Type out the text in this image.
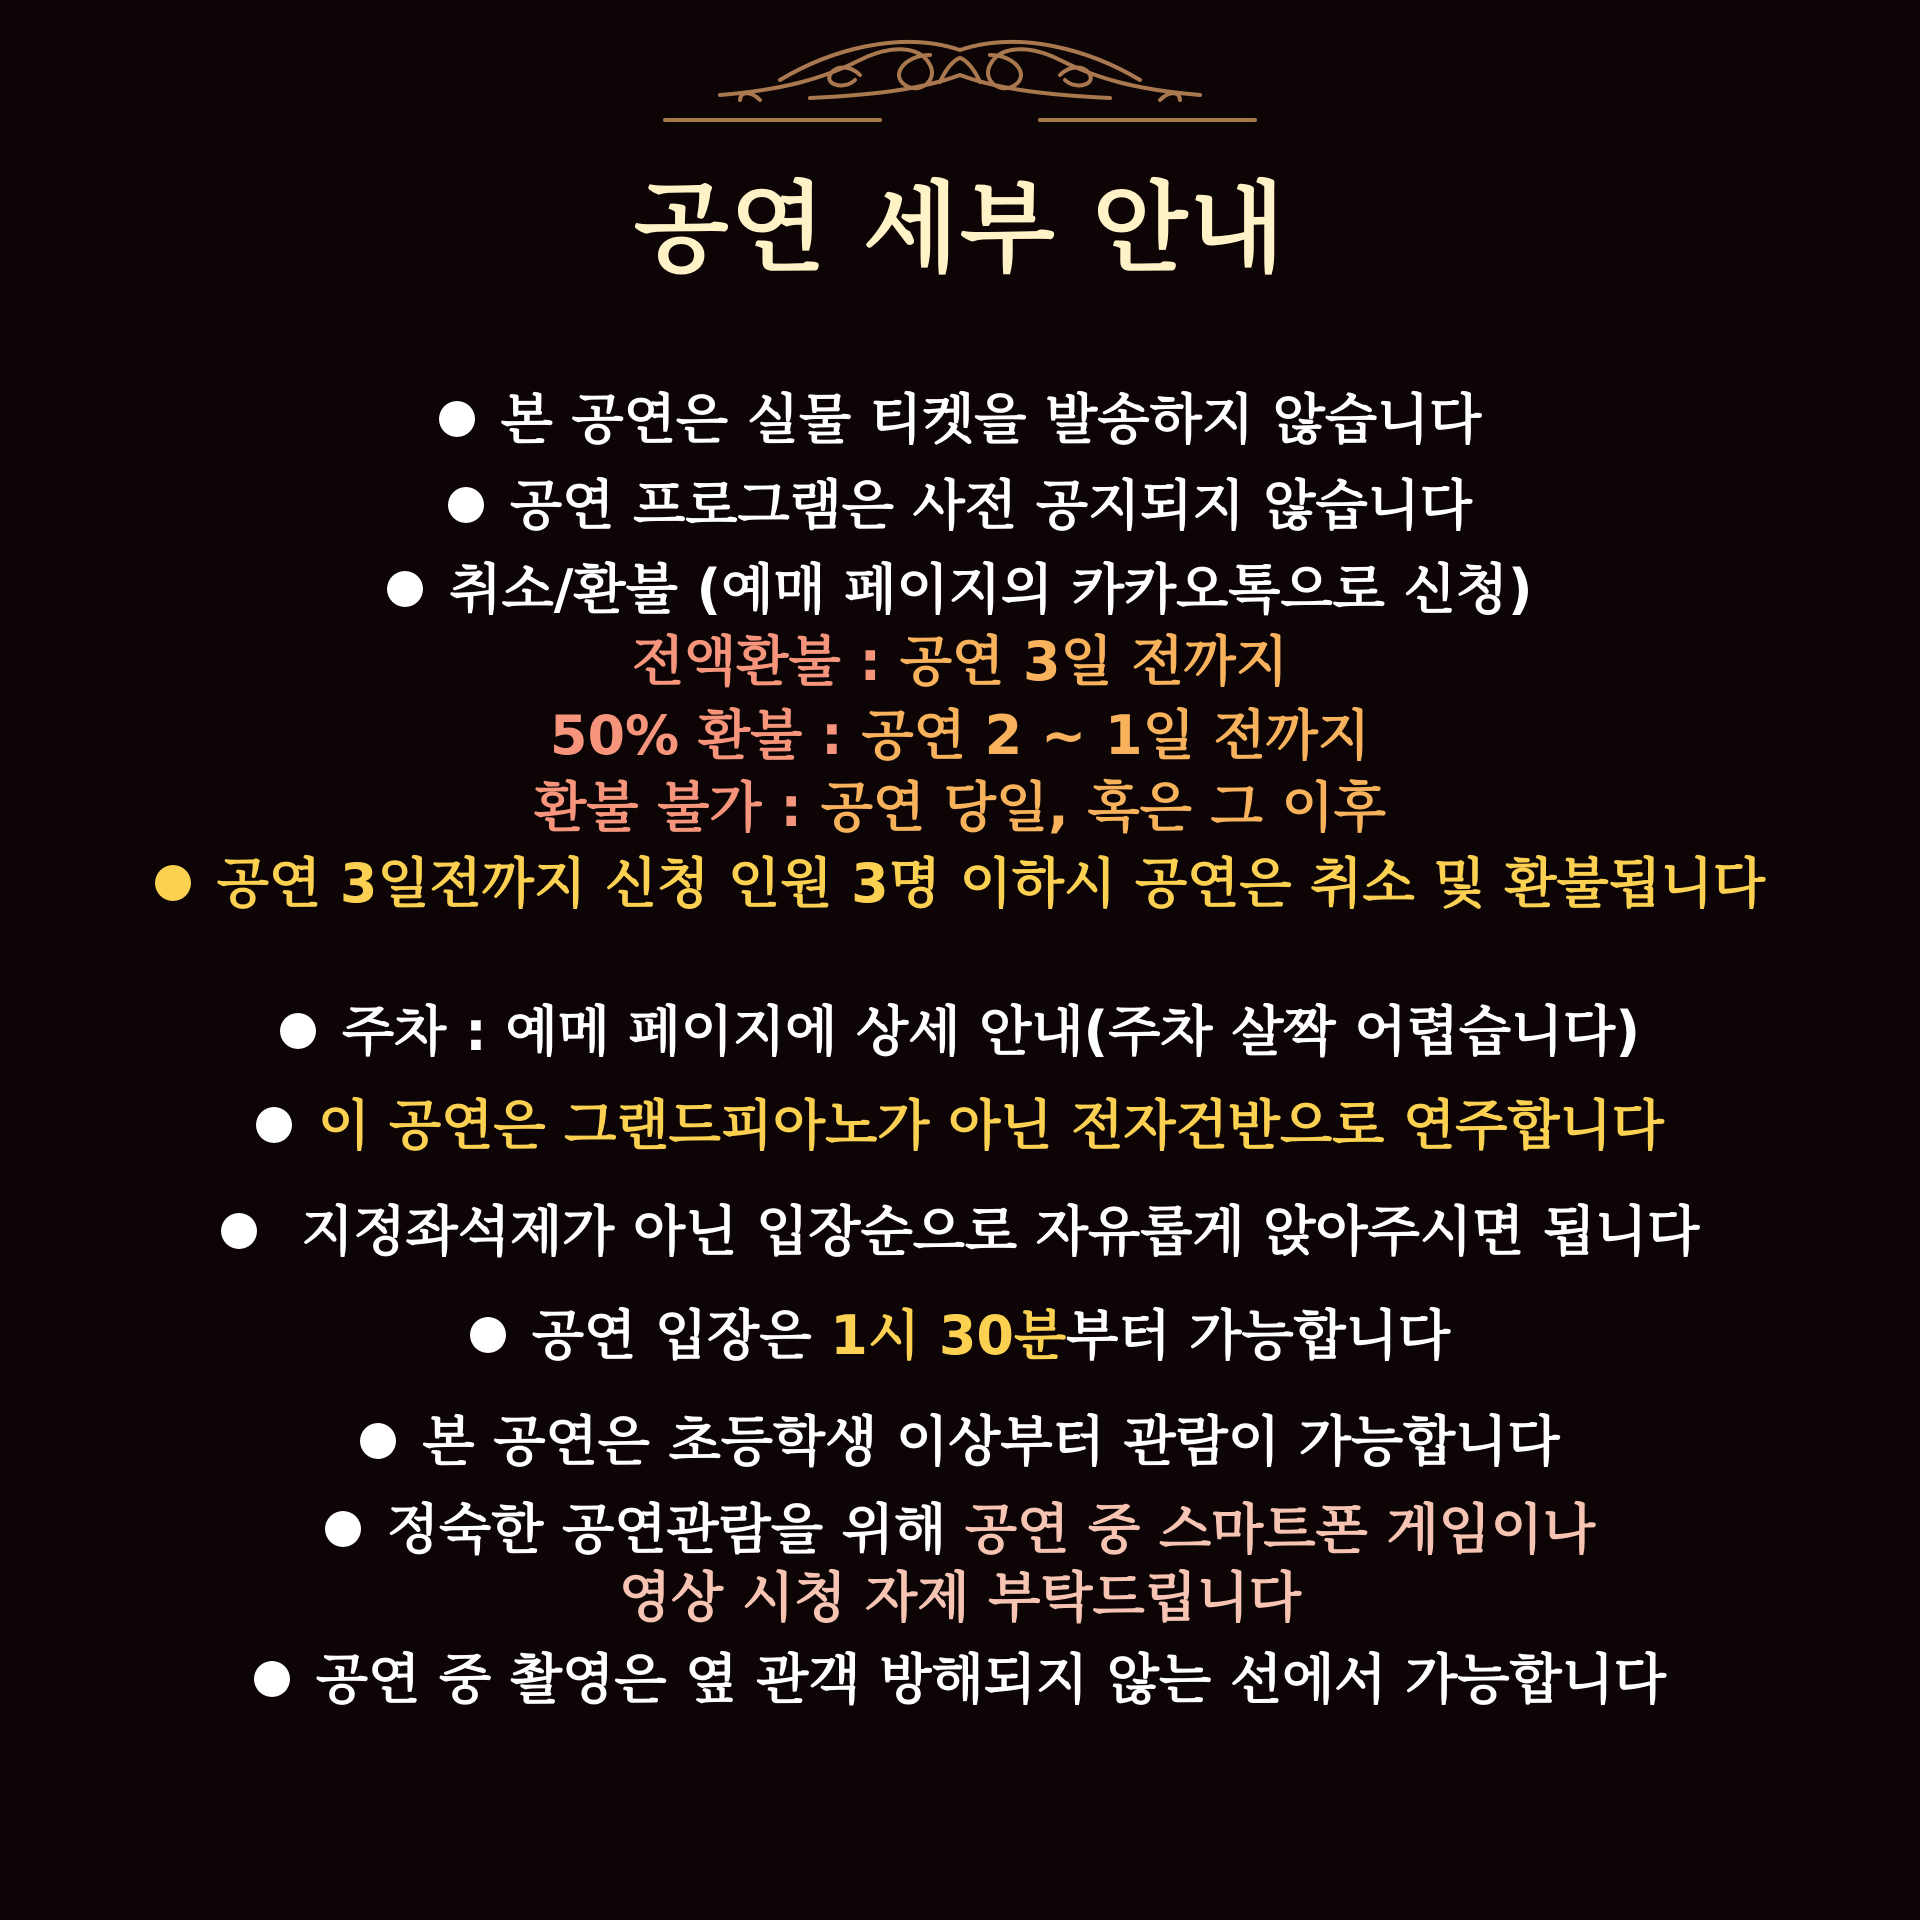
공연 세부 안내
본 공연은 실물 티켓을 발송하지 않습니다
공연 프로그램은 사전 공지되지 않습니다
취소/환불 (예매 페이지의 카카오톡으로 신청)
전액환불 : 공연 3일 전까지
50% 환불 : 공연 2 ~ 1일 전까지
환불 불가 : 공연 당일, 혹은 그 이후
공연 3일전까지 신청 인원 3명 이하시 공연은 취소 및 환불됩니다
주차 : 예메 페이지에 상세 안내(주차 살짝 어렵습니다)
이 공연은 그랜드피아노가 아닌 전자건반으로 연주합니다
지정좌석제가 아닌 입장순으로 자유롭게 앉아주시면 됩니다
공연 입장은 1시 30분부터 가능합니다
본 공연은 초등학생 이상부터 관람이 가능합니다
정숙한 공연관람을 위해 공연 중 스마트폰 게임이나
영상 시청 자제 부탁드립니다
공연 중 촬영은 옆 관객 방해되지 않는 선에서 가능합니다
